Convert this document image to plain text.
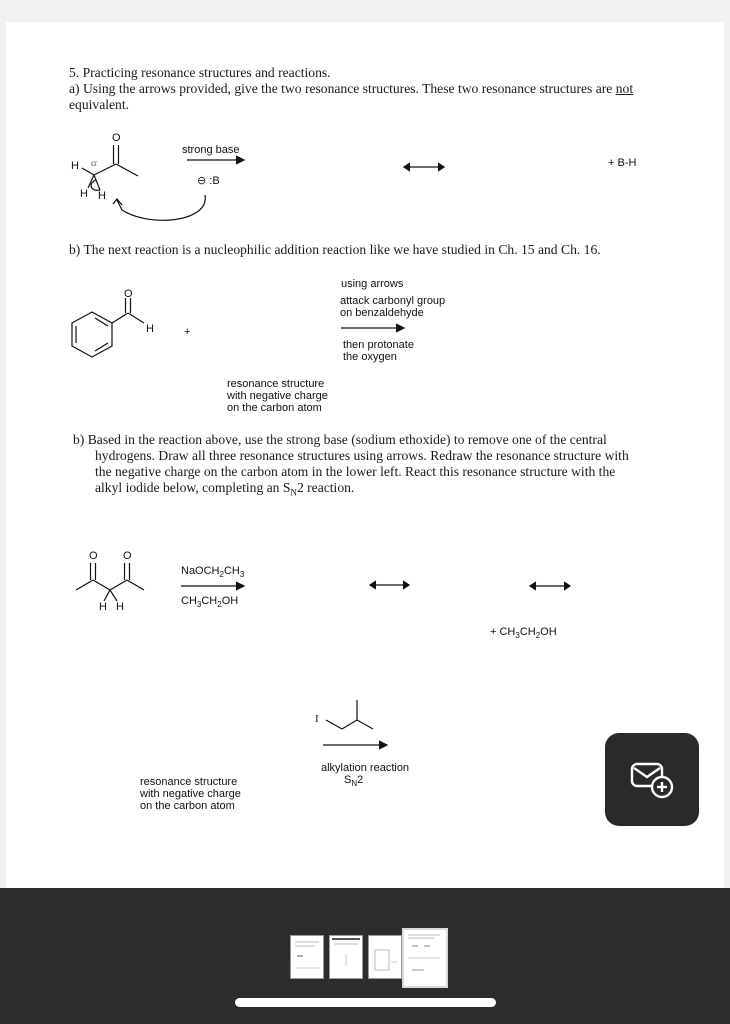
5. Practicing resonance structures and reactions.
a) Using the arrows provided, give the two resonance structures. These two resonance structures are not
equivalent.
O
H α
H H
strong base
⊖ :B
+ B-H
b) The next reaction is a nucleophilic addition reaction like we have studied in Ch. 15 and Ch. 16.
O
H	+
using arrows
attack carbonyl group
on benzaldehyde
then protonate
the oxygen
resonance structure
with negative charge
on the carbon atom
b) Based in the reaction above, use the strong base (sodium ethoxide) to remove one of the central
hydrogens. Draw all three resonance structures using arrows. Redraw the resonance structure with
the negative charge on the carbon atom in the lower left. React this resonance structure with the
alkyl iodide below, completing an $S_N2$ reaction.
O O
H H
$NaOCH_2CH_3$
$CH_3CH_2OH$
+ $CH_3CH_2OH$
I
alkylation reaction
$S_N2$
resonance structure
with negative charge
on the carbon atom
